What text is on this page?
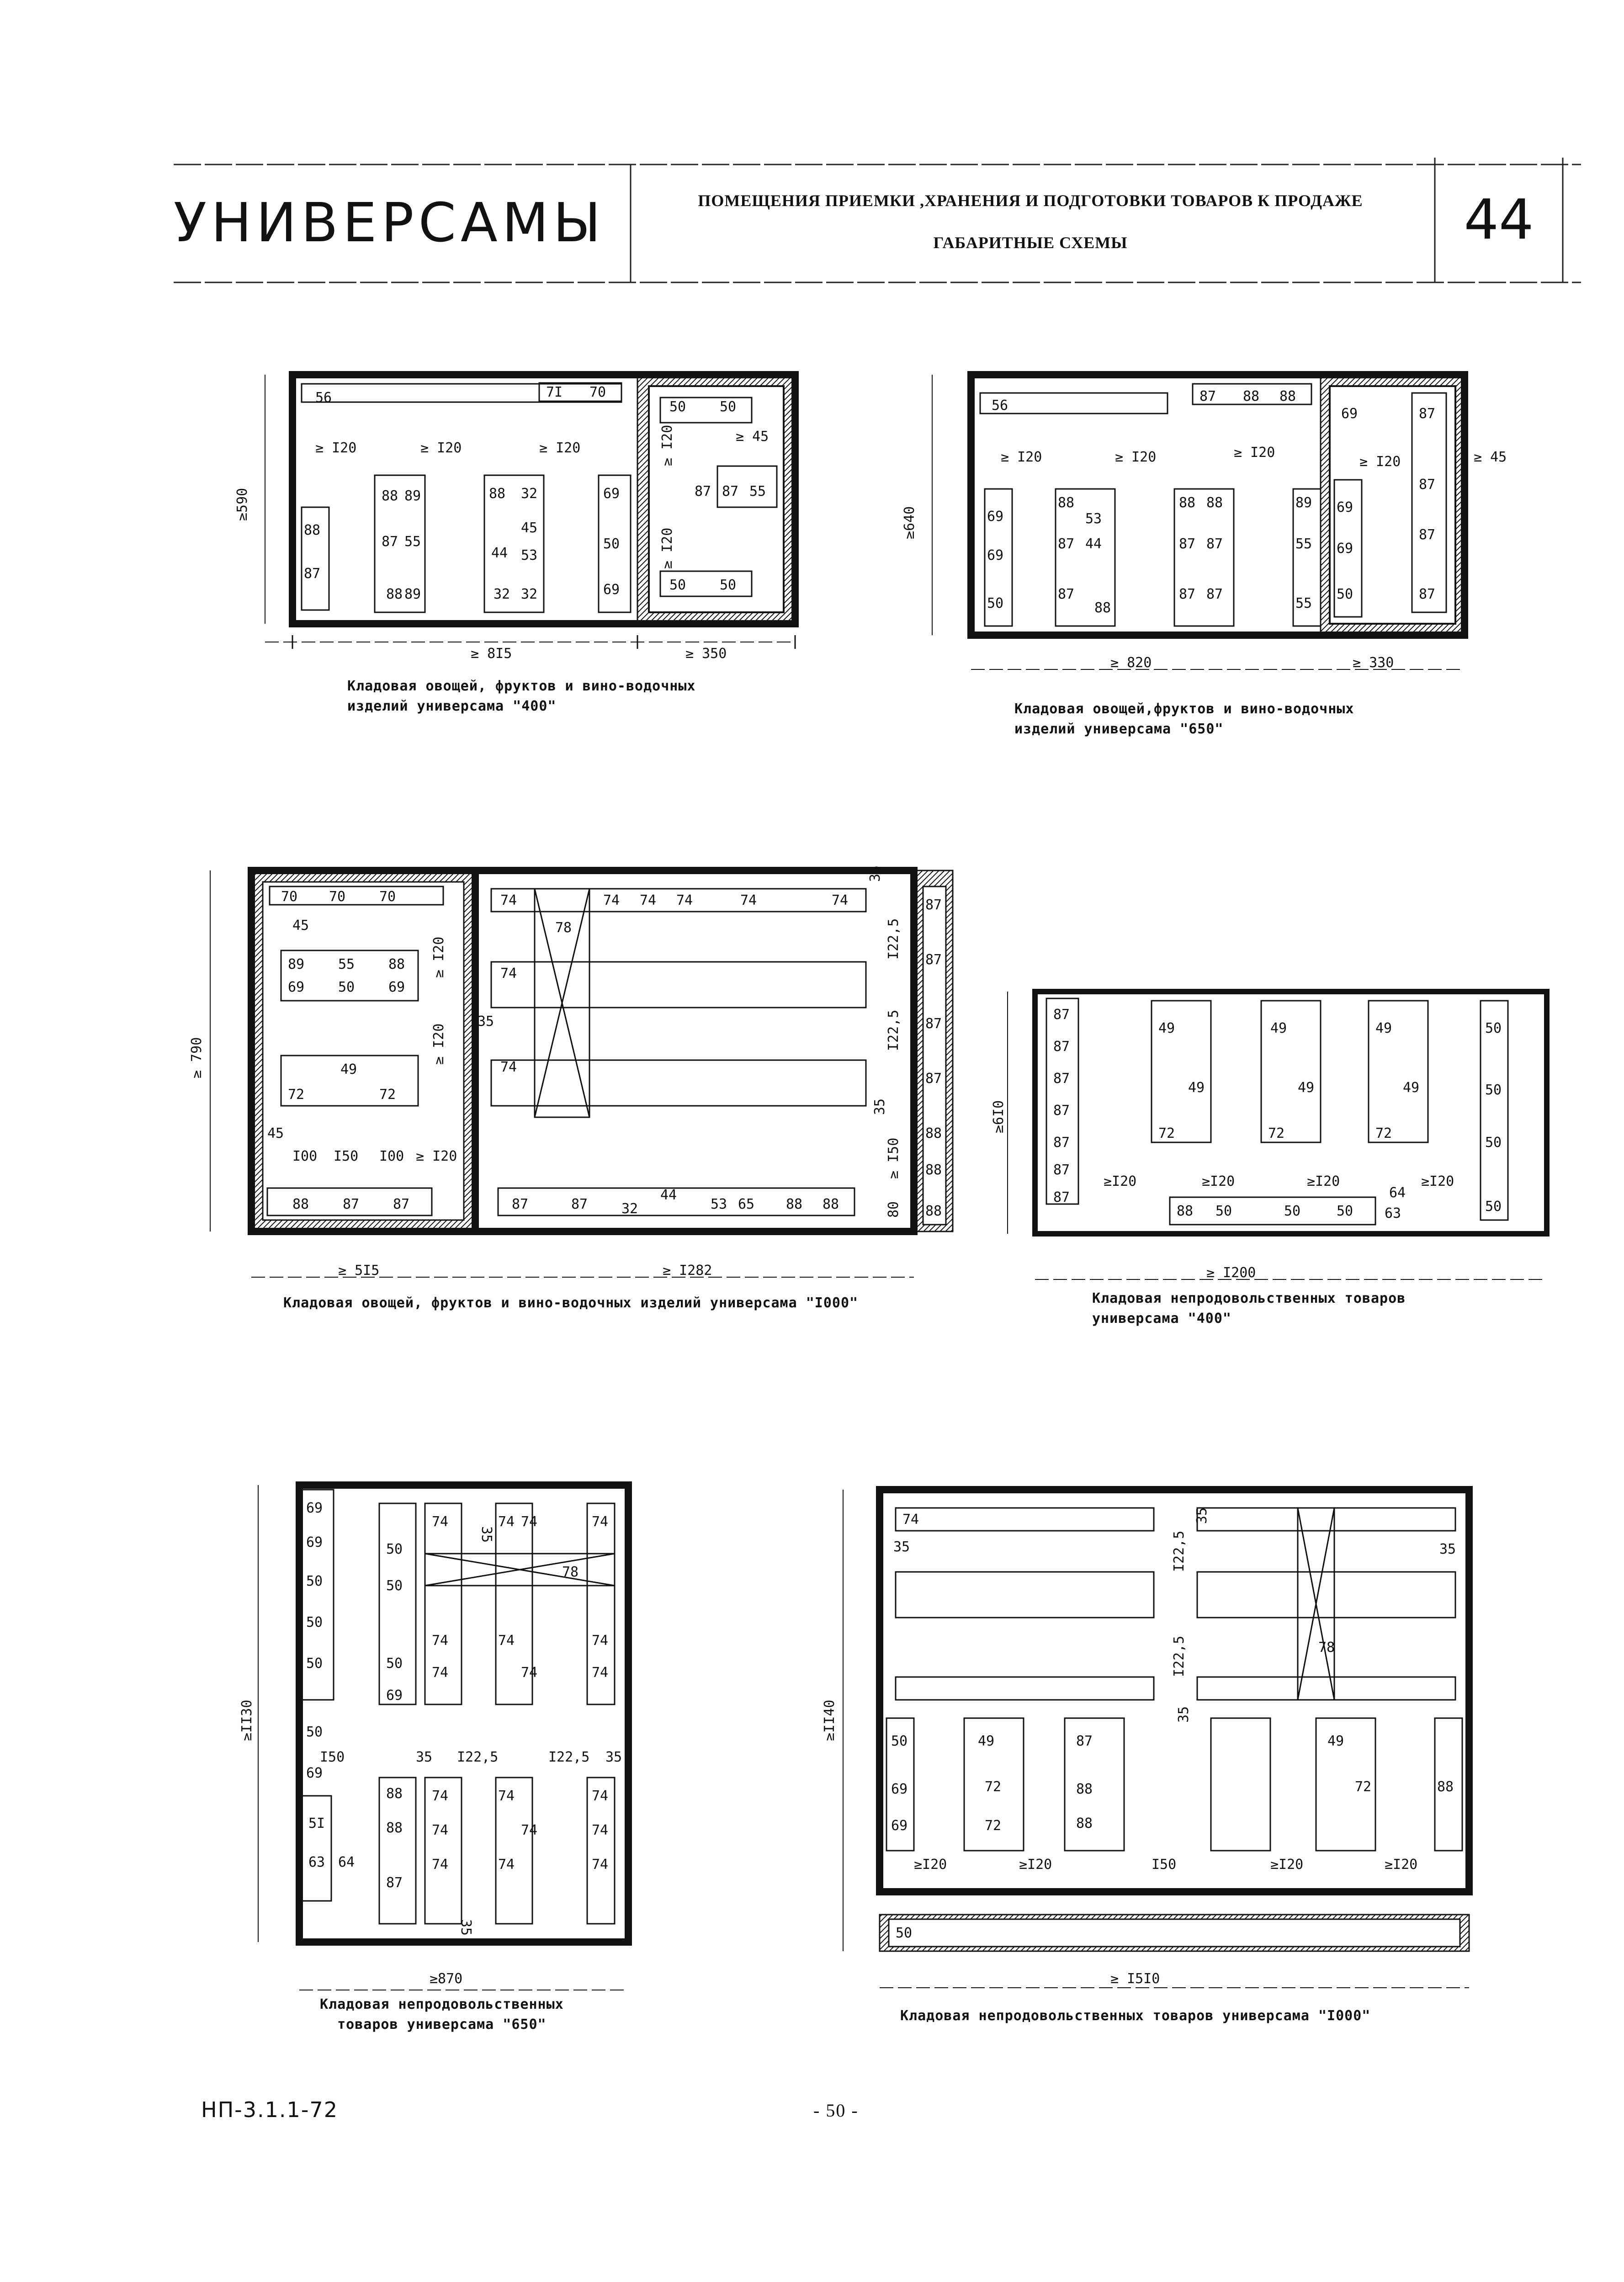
УНИВЕРСАМЫ	ПОМЕЩЕНИЯ ПРИЕМКИ ,ХРАНЕНИЯ И ПОДГОТОВКИ ТОВАРОВ К ПРОДАЖЕ
ГАБАРИТНЫЕ СХЕМЫ	44
56	7I 70
50 50
88
87
88 89
87 55
88 89
88 32
45
44 53
32 32
69
50
69
87 87 55
50 50
≥ I20	≥ I20	≥ I20
≥ 45
≥ 8I5	≥ 350
≥590
≥ I20
≥ I20
56
87 88 88
69	87
87
87
87
69
69
50
88
53
44
87
87
88
88 88
87 87
87 87
89
55
55
69
69
50
≥ I20	≥ I20	≥ I20
≥ I20	≥ 45
≥ 820	≥ 330
≥640
70 70 70
89 55 88
69 50 69
49
72	72
88 87 87
74
78
74 74 74	74	74
74
74
87
87
87
87
88
88
88
87	87 32
44
53 65 88 88
45
45
I00 I50 I00 ≥ I20
≥ I20
≥ I20
35
35
I22,5
I22,5
35
≥ I50
80
≥ 5I5	≥ I282
≥ 790
87
87
87
87
87
87
87
49	49	49
49	49	49
72	72	72
50
50
50
50
88 50	50	50
64
63
≥I20	≥I20	≥I20	≥I20
≥ I200
≥6I0
69
69
50
50
50
50
69
5I
63 64
50
50
50
69
74	74 74	74
78
74
74
74
74
74
74
88
88
87
74
74
74
74
74
74
74
74
74
I50	35 I22,5	I22,5 35
35
35
≥870
≥II30
74
78
50
69
69
49
72
72
87
88
88
49
72	88
50
35	I22,5
I22,5
35
35
35
≥I20	≥I20	I50	≥I20	≥I20
≥ I5I0
≥II40
Кладовая овощей, фруктов и вино-водочных
изделий универсама "400"	Кладовая овощей,фруктов и вино-водочных
изделий универсама "650"
Кладовая овощей, фруктов и вино-водочных изделий универсама "I000"	Кладовая непродовольственных товаров
универсама "400"
Кладовая непродовольственных
товаров универсама "650"
Кладовая непродовольственных товаров универсама "I000"
НП-3.1.1-72	- 50 -
